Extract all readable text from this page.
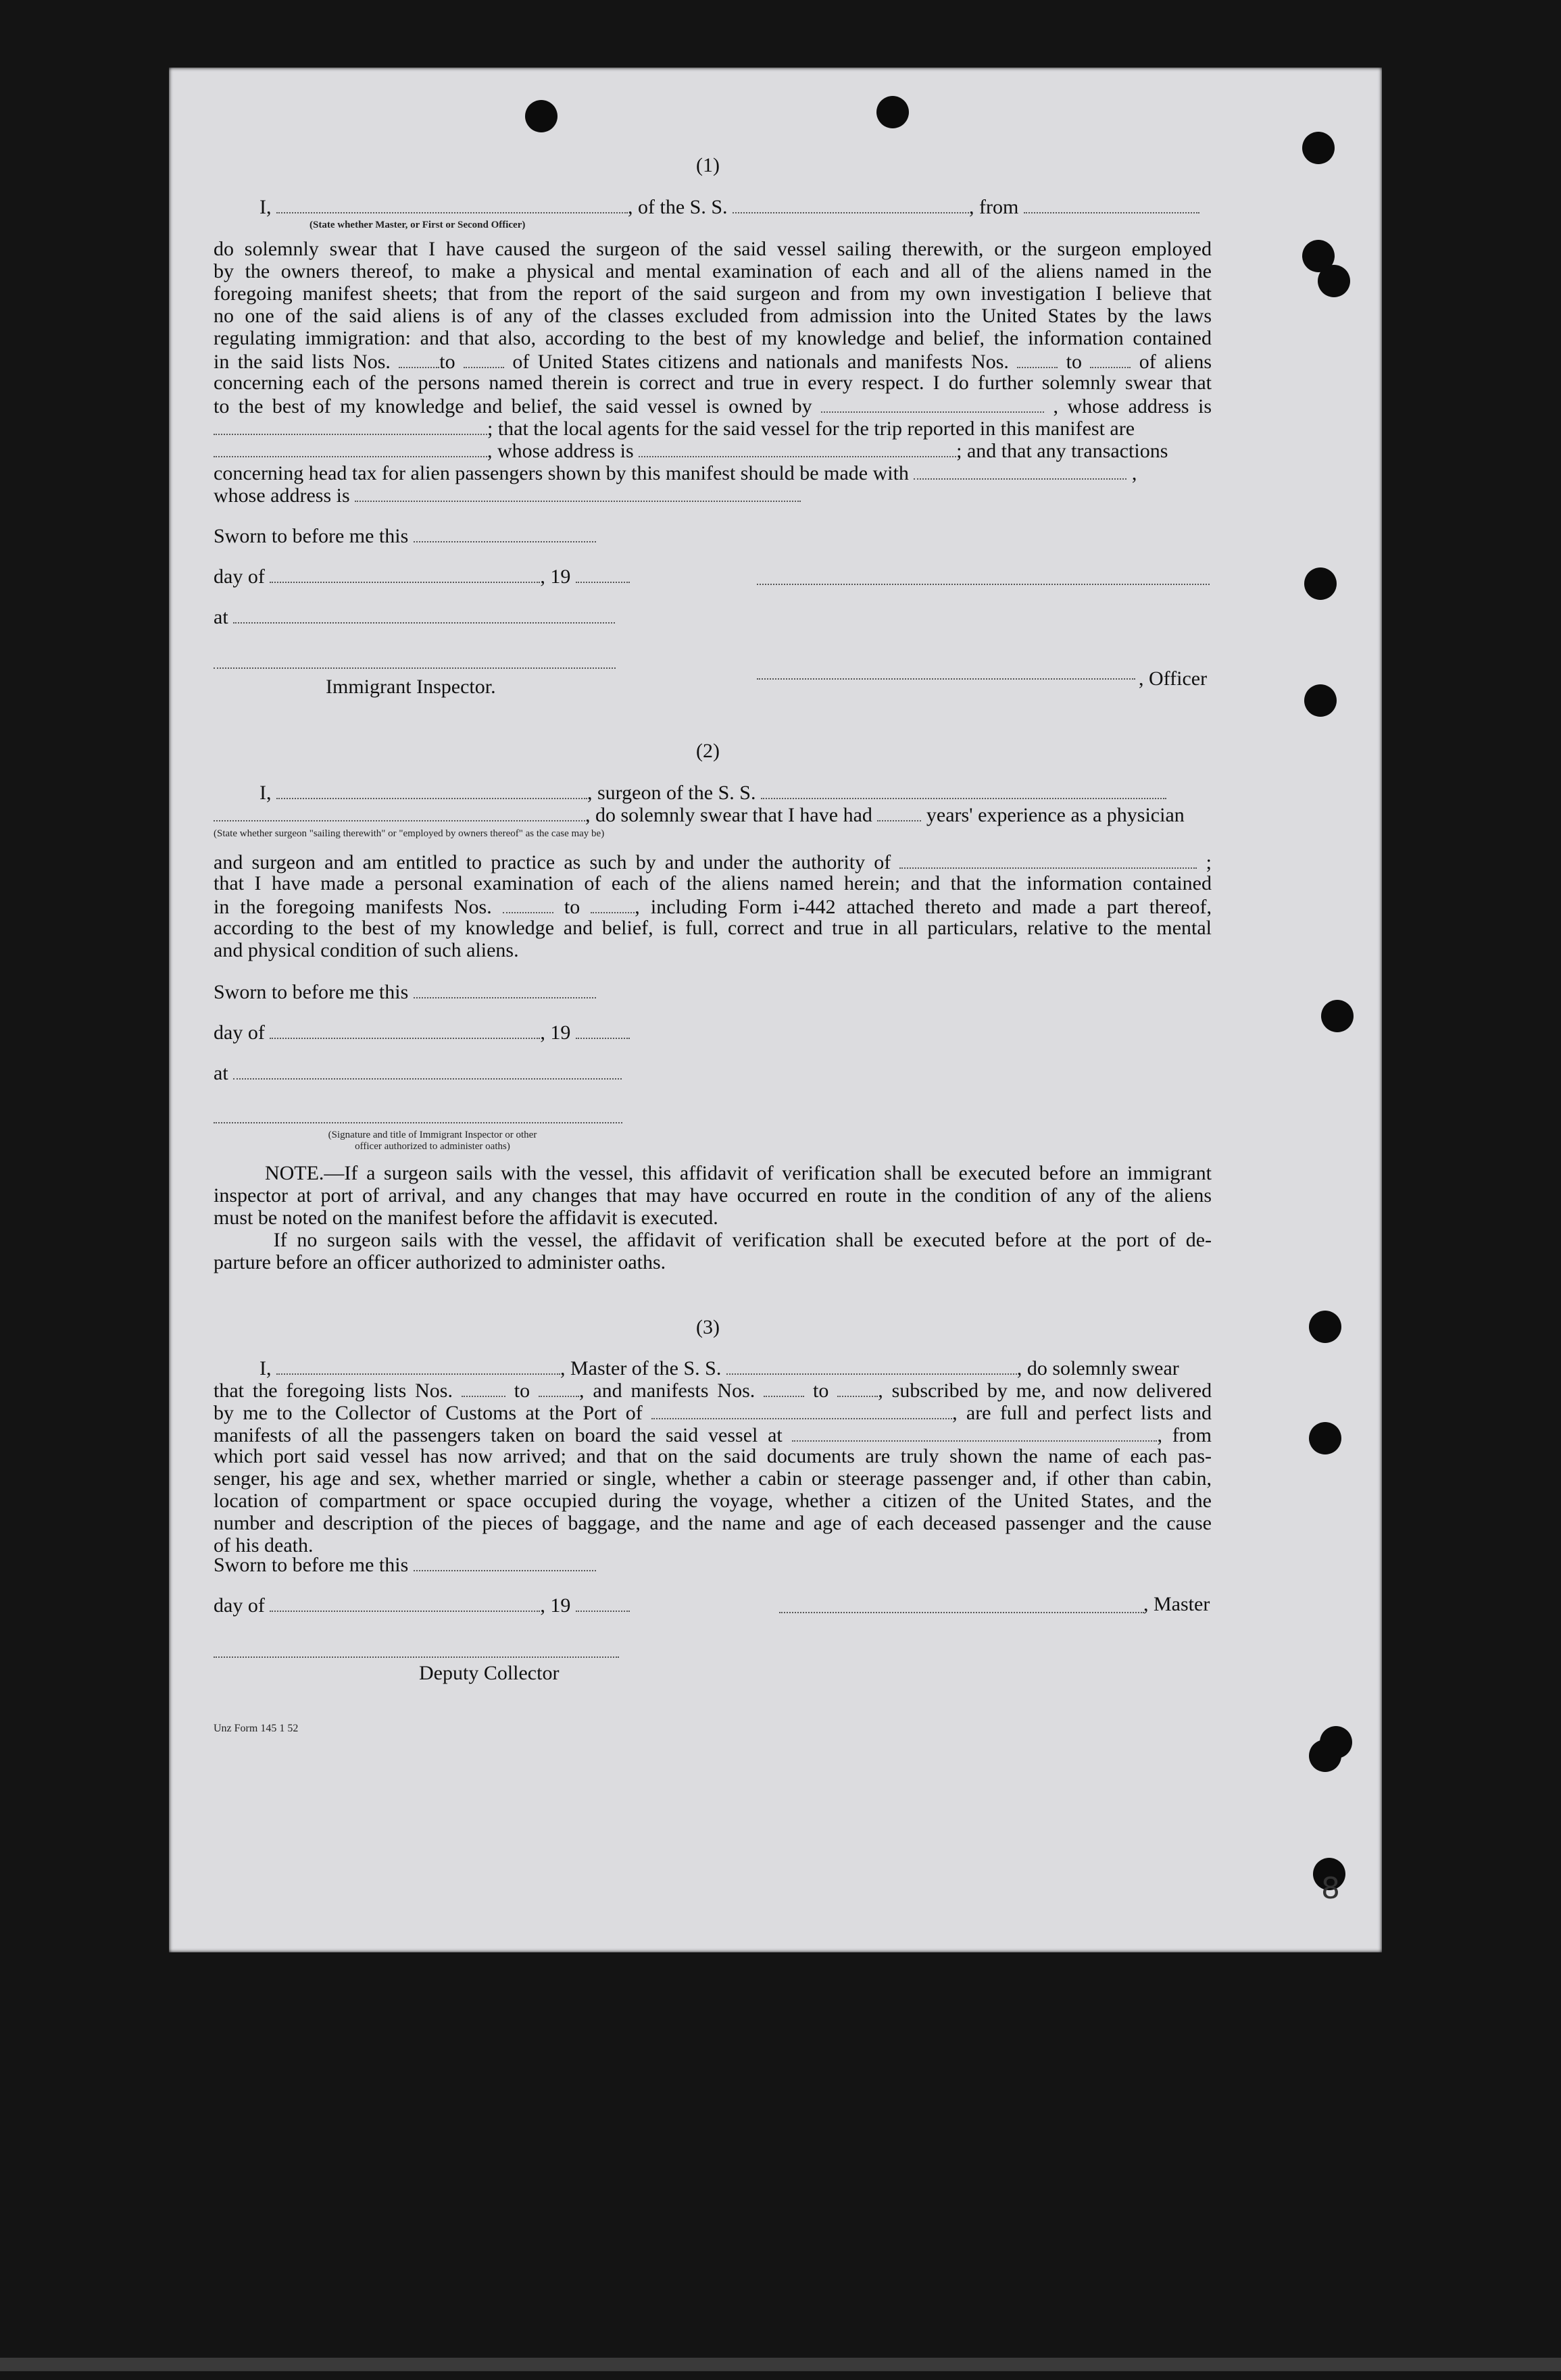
8
(1)
I,	, of the S. S.	, from
(State whether Master, or First or Second Officer)
do solemnly swear that I have caused the surgeon of the said vessel sailing therewith, or the surgeon employed
by the owners thereof, to make a physical and mental examination of each and all of the aliens named in the
foregoing manifest sheets; that from the report of the said surgeon and from my own investigation I believe that
no one of the said aliens is of any of the classes excluded from admission into the United States by the laws
regulating immigration: and that also, according to the best of my knowledge and belief, the information contained
in the said lists Nos. to	of United States citizens and nationals and manifests Nos.	to	of aliens
concerning each of the persons named therein is correct and true in every respect. I do further solemnly swear that
to the best of my knowledge and belief, the said vessel is owned by	, whose address is
; that the local agents for the said vessel for the trip reported in this manifest are
, whose address is	; and that any transactions
concerning head tax for alien passengers shown by this manifest should be made with	,
whose address is
Sworn to before me this
day of	, 19
at
Immigrant Inspector.	, Officer
(2)
I,	, surgeon of the S. S.
, do solemnly swear that I have had	years' experience as a physician
(State whether surgeon "sailing therewith" or "employed by owners thereof" as the case may be)
and surgeon and am entitled to practice as such by and under the authority of	;
that I have made a personal examination of each of the aliens named herein; and that the information contained
in the foregoing manifests Nos.	to	, including Form i-442 attached thereto and made a part thereof,
according to the best of my knowledge and belief, is full, correct and true in all particulars, relative to the mental
and physical condition of such aliens.
Sworn to before me this
day of	, 19
at
(Signature and title of Immigrant Inspector or other
officer authorized to administer oaths)
NOTE.—If a surgeon sails with the vessel, this affidavit of verification shall be executed before an immigrant
inspector at port of arrival, and any changes that may have occurred en route in the condition of any of the aliens
must be noted on the manifest before the affidavit is executed.
If no surgeon sails with the vessel, the affidavit of verification shall be executed before at the port of de-
parture before an officer authorized to administer oaths.
(3)
I,	, Master of the S. S.	, do solemnly swear
that the foregoing lists Nos.	to , and manifests Nos.	to , subscribed by me, and now delivered
by me to the Collector of Customs at the Port of	, are full and perfect lists and
manifests of all the passengers taken on board the said vessel at	, from
which port said vessel has now arrived; and that on the said documents are truly shown the name of each pas-
senger, his age and sex, whether married or single, whether a cabin or steerage passenger and, if other than cabin,
location of compartment or space occupied during the voyage, whether a citizen of the United States, and the
number and description of the pieces of baggage, and the name and age of each deceased passenger and the cause
of his death.
Sworn to before me this
day of	, 19	, Master
Deputy Collector
Unz Form 145 1 52
